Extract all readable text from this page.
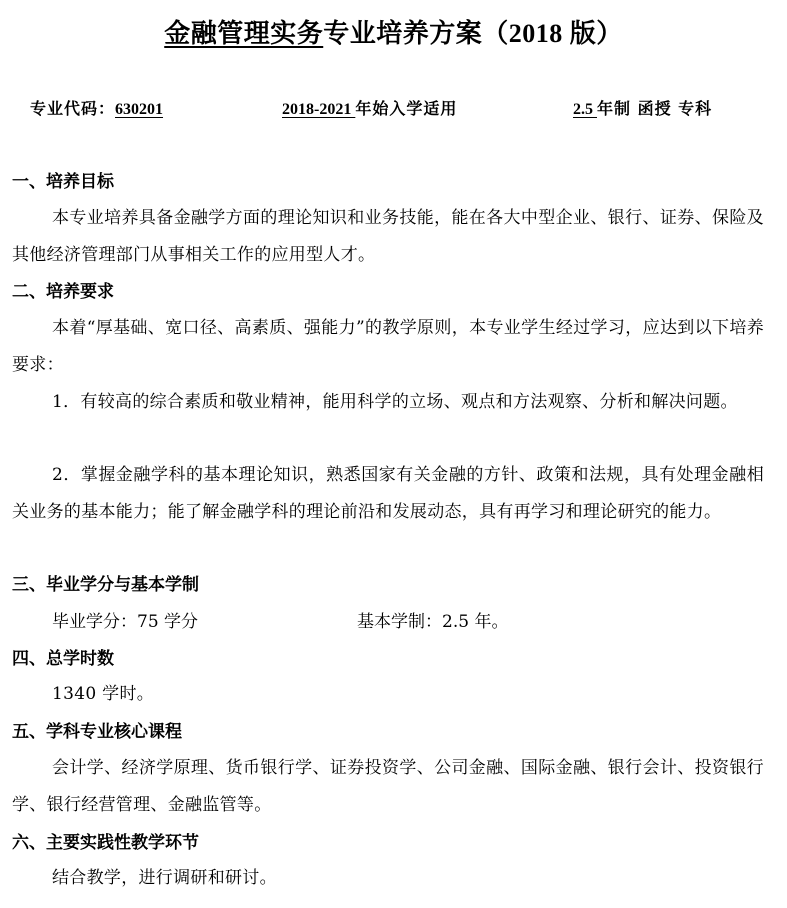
金融管理实务专业培养方案（2018 版）
专业代码：630201	2018-2021 年始入学适用	2.5 年制 函授 专科
一、培养目标
本专业培养具备金融学方面的理论知识和业务技能，能在各大中型企业、银行、证券、保险及其他经济管理部门从事相关工作的应用型人才。
二、培养要求
本着“厚基础、宽口径、高素质、强能力”的教学原则，本专业学生经过学习，应达到以下培养要求：
1．有较高的综合素质和敬业精神，能用科学的立场、观点和方法观察、分析和解决问题。
2．掌握金融学科的基本理论知识，熟悉国家有关金融的方针、政策和法规，具有处理金融相关业务的基本能力；能了解金融学科的理论前沿和发展动态，具有再学习和理论研究的能力。
三、毕业学分与基本学制
毕业学分：75 学分	基本学制：2.5 年。
四、总学时数
1340 学时。
五、学科专业核心课程
会计学、经济学原理、货币银行学、证券投资学、公司金融、国际金融、银行会计、投资银行学、银行经营管理、金融监管等。
六、主要实践性教学环节
结合教学，进行调研和研讨。
